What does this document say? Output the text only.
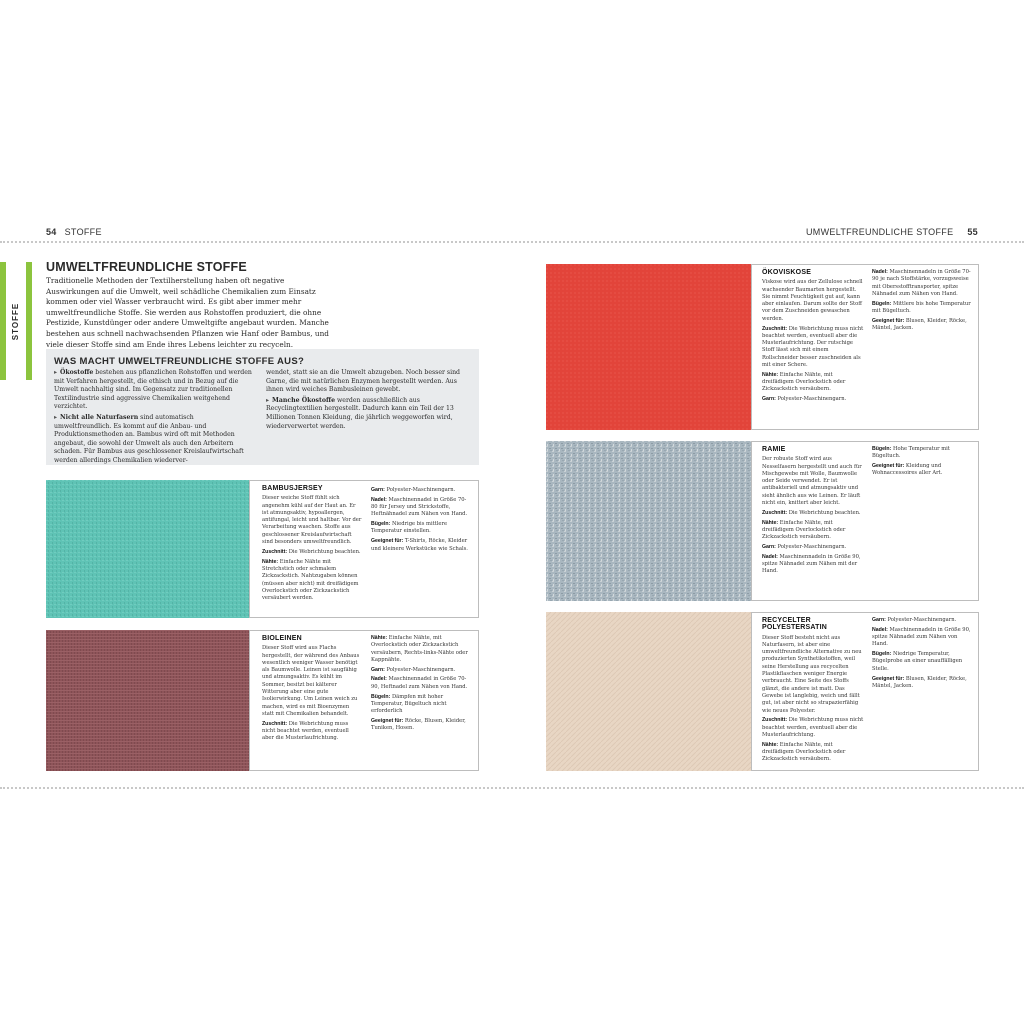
54 STOFFE	UMWELTFREUNDLICHE STOFFE 55
STOFFE
UMWELTFREUNDLICHE STOFFE
Traditionelle Methoden der Textilherstellung haben oft negative Auswirkungen auf die Umwelt, weil schädliche Chemikalien zum Einsatz kommen oder viel Wasser verbraucht wird. Es gibt aber immer mehr umweltfreundliche Stoffe. Sie werden aus Rohstoffen produziert, die ohne Pestizide, Kunstdünger oder andere Umweltgifte angebaut wurden. Manche bestehen aus schnell nachwachsenden Pflanzen wie Hanf oder Bambus, und viele dieser Stoffe sind am Ende ihres Lebens leichter zu recyceln.
WAS MACHT UMWELTFREUNDLICHE STOFFE AUS?

▸ Ökostoffe bestehen aus pflanzlichen Rohstoffen und werden mit Verfahren hergestellt, die ethisch und in Bezug auf die Umwelt nachhaltig sind. Im Gegensatz zur traditionellen Textilindustrie sind aggressive Chemikalien weitgehend verzichtet.

▸ Nicht alle Naturfasern sind automatisch umweltfreundlich. Es kommt auf die Anbau- und Produktionsmethoden an. Bambus wird oft mit Methoden angebaut, die sowohl der Umwelt als auch den Arbeitern schaden. Für Bambus aus geschlossener Kreislaufwirtschaft werden allerdings Chemikalien wiederver-

wendet, statt sie an die Umwelt abzugeben. Noch besser sind Garne, die mit natürlichen Enzymen hergestellt werden. Aus ihnen wird weiches Bambusleinen gewebt.

▸ Manche Ökostoffe werden ausschließlich aus Recyclingtextilien hergestellt. Dadurch kann ein Teil der 13 Millionen Tonnen Kleidung, die jährlich weggeworfen wird, wiederverwertet werden.

BAMBUSJERSEY

Dieser weiche Stoff fühlt sich angenehm kühl auf der Haut an. Er ist atmungsaktiv, hypoallergen, antifungal, leicht und haltbar. Vor der Verarbeitung waschen. Stoffe aus geschlossener Kreislaufwirtschaft sind besonders umweltfreundlich.

Zuschnitt: Die Webrichtung beachten.

Nähte: Einfache Nähte mit Stretchstich oder schmalem Zickzackstich. Nahtzugaben können (müssen aber nicht) mit dreifädigem Overlockstich oder Zickzackstich versäubert werden.

Garn: Polyester-Maschinengarn.

Nadel: Maschinennadel in Größe 70-80 für Jersey und Strickstoffe, Heftnähnadel zum Nähen von Hand.

Bügeln: Niedrige bis mittlere Temperatur einstellen.

Geeignet für: T-Shirts, Röcke, Kleider und kleinere Werkstücke wie Schals.

BIOLEINEN

Dieser Stoff wird aus Flachs hergestellt, der während des Anbaus wesentlich weniger Wasser benötigt als Baumwolle. Leinen ist saugfähig und atmungsaktiv. Es kühlt im Sommer, besitzt bei kälterer Witterung aber eine gute Isolierwirkung. Um Leinen weich zu machen, wird es mit Bioenzymen statt mit Chemikalien behandelt.

Zuschnitt: Die Webrichtung muss nicht beachtet werden, eventuell aber die Musterlaufrichtung.

Nähte: Einfache Nähte, mit Overlockstich oder Zickzackstich versäubern, Rechts-links-Nähte oder Kappnähte.

Garn: Polyester-Maschinengarn.

Nadel: Maschinennadel in Größe 70-90, Heftnadel zum Nähen von Hand.

Bügeln: Dämpfen mit hoher Temperatur, Bügeltuch nicht erforderlich

Geeignet für: Röcke, Blusen, Kleider, Tuniken, Hosen.

ÖKOVISKOSE

Viskose wird aus der Zellulose schnell wachsender Baumarten hergestellt. Sie nimmt Feuchtigkeit gut auf, kann aber einlaufen. Darum sollte der Stoff vor dem Zuschneiden gewaschen werden.

Zuschnitt: Die Webrichtung muss nicht beachtet werden, eventuell aber die Musterlaufrichtung. Der rutschige Stoff lässt sich mit einem Rollschneider besser zuschneiden als mit einer Schere.

Nähte: Einfache Nähte, mit dreifädigem Overlockstich oder Zickzackstich versäubern.

Garn: Polyester-Maschinengarn.

Nadel: Maschinennadeln in Größe 70-90 je nach Stoffstärke, vorzugsweise mit Obersstofftransporter, spitze Nähnadel zum Nähen von Hand.

Bügeln: Mittlere bis hohe Temperatur mit Bügeltuch.

Geeignet für: Blusen, Kleider, Röcke, Mäntel, Jacken.

RAMIE

Der robuste Stoff wird aus Nesselfasern hergestellt und auch für Mischgewebe mit Wolle, Baumwolle oder Seide verwendet. Er ist antibakteriell und atmungsaktiv und sieht ähnlich aus wie Leinen. Er läuft nicht ein, knittert aber leicht.

Zuschnitt: Die Webrichtung beachten.

Nähte: Einfache Nähte, mit dreifädigem Overlockstich oder Zickzackstich versäubern.

Garn: Polyester-Maschinengarn.

Nadel: Maschinennadeln in Größe 90, spitze Nähnadel zum Nähen mit der Hand.

Bügeln: Hohe Temperatur mit Bügeltuch.

Geeignet für: Kleidung und Wohnaccessoires aller Art.

RECYCELTER POLYESTERSATIN

Dieser Stoff besteht nicht aus Naturfasern, ist aber eine umweltfreundliche Alternative zu neu produzierten Synthetikstoffen, weil seine Herstellung aus recycelten Plastikflaschen weniger Energie verbraucht. Eine Seite des Stoffs glänzt, die andere ist matt. Das Gewebe ist langlebig, weich und fällt gut, ist aber nicht so strapazierfähig wie neues Polyester.

Zuschnitt: Die Webrichtung muss nicht beachtet werden, eventuell aber die Musterlaufrichtung.

Nähte: Einfache Nähte, mit dreifädigem Overlockstich oder Zickzackstich versäubern.

Garn: Polyester-Maschinengarn.

Nadel: Maschinennadeln in Größe 90, spitze Nähnadel zum Nähen von Hand.

Bügeln: Niedrige Temperatur, Bügelprobe an einer unauffälligen Stelle.

Geeignet für: Blusen, Kleider, Röcke, Mäntel, Jacken.
